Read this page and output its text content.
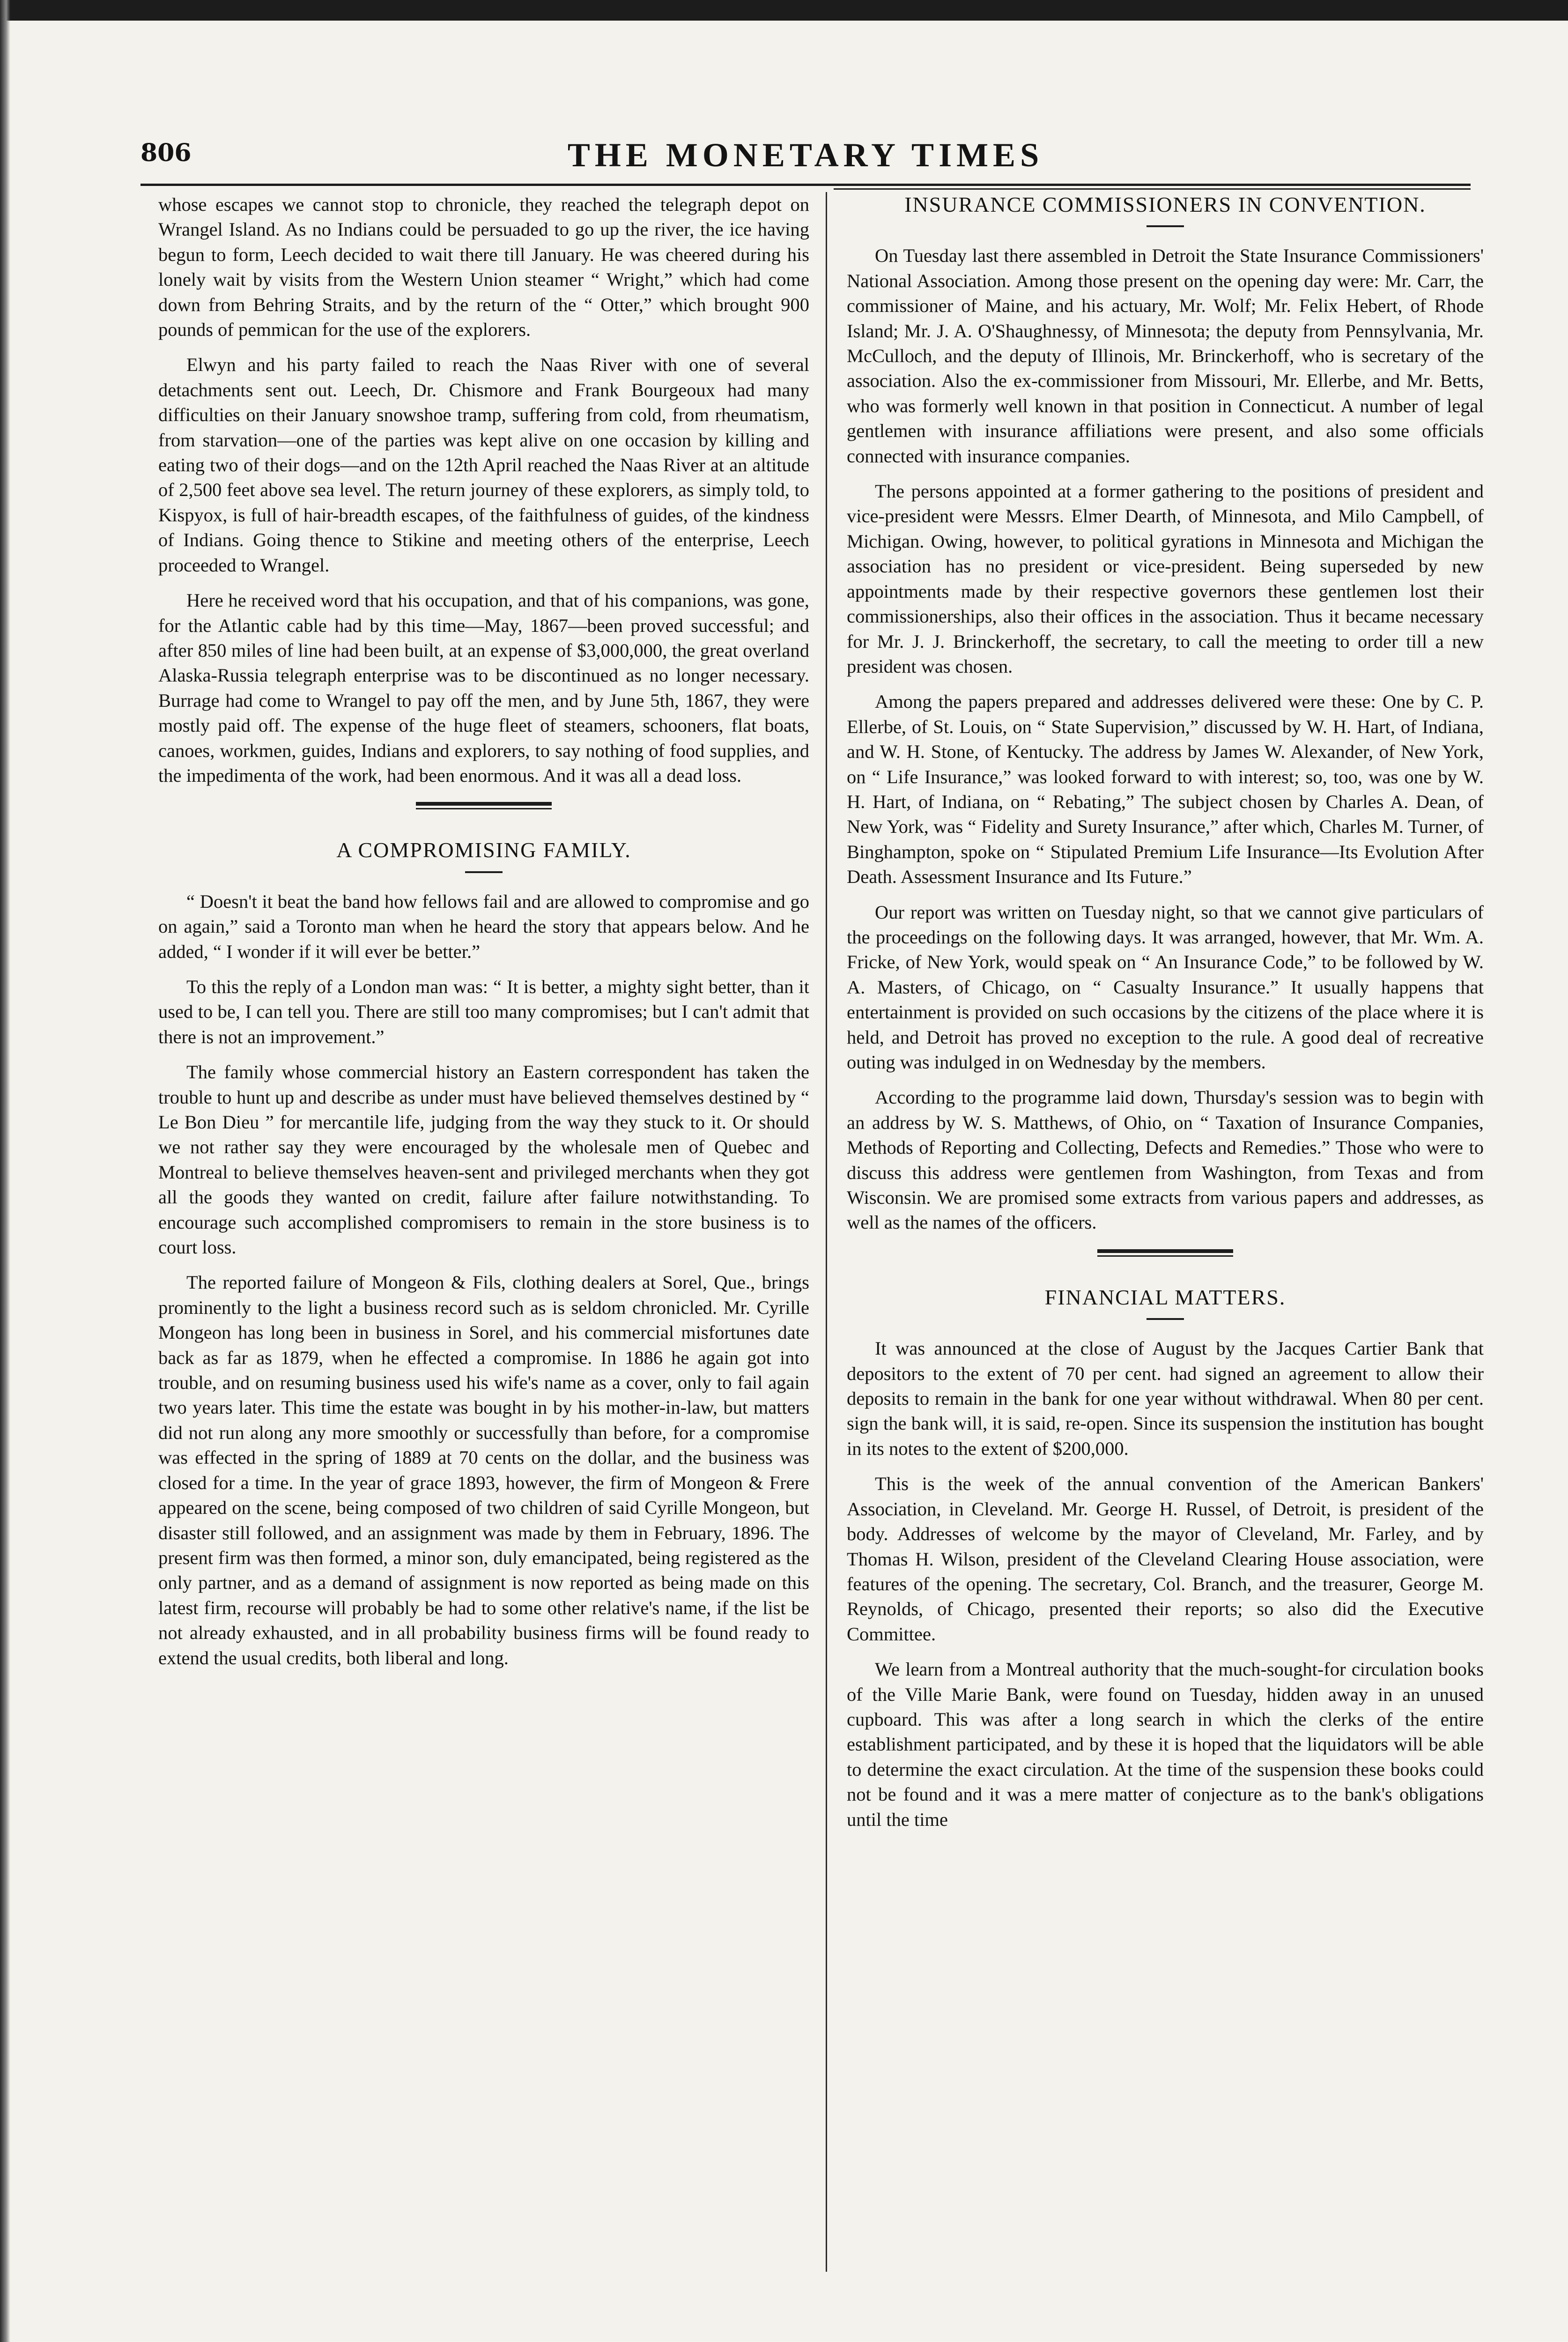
THE MONETARY TIMES
806

whose escapes we cannot stop to chronicle, they reached the telegraph depot on Wrangel Island. As no Indians could be persuaded to go up the river, the ice having begun to form, Leech decided to wait there till January. He was cheered during his lonely wait by visits from the Western Union steamer “ Wright,” which had come down from Behring Straits, and by the return of the “ Otter,” which brought 900 pounds of pemmican for the use of the explorers.

Elwyn and his party failed to reach the Naas River with one of several detachments sent out. Leech, Dr. Chismore and Frank Bourgeoux had many difficulties on their January snowshoe tramp, suffering from cold, from rheumatism, from starvation—one of the parties was kept alive on one occasion by killing and eating two of their dogs—and on the 12th April reached the Naas River at an altitude of 2,500 feet above sea level. The return journey of these explorers, as simply told, to Kispyox, is full of hair-breadth escapes, of the faithfulness of guides, of the kindness of Indians. Going thence to Stikine and meeting others of the enterprise, Leech proceeded to Wrangel.

Here he received word that his occupation, and that of his companions, was gone, for the Atlantic cable had by this time—May, 1867—been proved successful; and after 850 miles of line had been built, at an expense of $3,000,000, the great overland Alaska-Russia telegraph enterprise was to be discontinued as no longer necessary. Burrage had come to Wrangel to pay off the men, and by June 5th, 1867, they were mostly paid off. The expense of the huge fleet of steamers, schooners, flat boats, canoes, workmen, guides, Indians and explorers, to say nothing of food supplies, and the impedimenta of the work, had been enormous. And it was all a dead loss.

A COMPROMISING FAMILY.

“ Doesn't it beat the band how fellows fail and are allowed to compromise and go on again,” said a Toronto man when he heard the story that appears below. And he added, “ I wonder if it will ever be better.”

To this the reply of a London man was: “ It is better, a mighty sight better, than it used to be, I can tell you. There are still too many compromises; but I can't admit that there is not an improvement.”

The family whose commercial history an Eastern correspondent has taken the trouble to hunt up and describe as under must have believed themselves destined by “ Le Bon Dieu ” for mercantile life, judging from the way they stuck to it. Or should we not rather say they were encouraged by the wholesale men of Quebec and Montreal to believe themselves heaven-sent and privileged merchants when they got all the goods they wanted on credit, failure after failure notwithstanding. To encourage such accomplished compromisers to remain in the store business is to court loss.

The reported failure of Mongeon & Fils, clothing dealers at Sorel, Que., brings prominently to the light a business record such as is seldom chronicled. Mr. Cyrille Mongeon has long been in business in Sorel, and his commercial misfortunes date back as far as 1879, when he effected a compromise. In 1886 he again got into trouble, and on resuming business used his wife's name as a cover, only to fail again two years later. This time the estate was bought in by his mother-in-law, but matters did not run along any more smoothly or successfully than before, for a compromise was effected in the spring of 1889 at 70 cents on the dollar, and the business was closed for a time. In the year of grace 1893, however, the firm of Mongeon & Frere appeared on the scene, being composed of two children of said Cyrille Mongeon, but disaster still followed, and an assignment was made by them in February, 1896. The present firm was then formed, a minor son, duly emancipated, being registered as the only partner, and as a demand of assignment is now reported as being made on this latest firm, recourse will probably be had to some other relative's name, if the list be not already exhausted, and in all probability business firms will be found ready to extend the usual credits, both liberal and long.

INSURANCE COMMISSIONERS IN CONVENTION.

On Tuesday last there assembled in Detroit the State Insurance Commissioners' National Association. Among those present on the opening day were: Mr. Carr, the commissioner of Maine, and his actuary, Mr. Wolf; Mr. Felix Hebert, of Rhode Island; Mr. J. A. O'Shaughnessy, of Minnesota; the deputy from Pennsylvania, Mr. McCulloch, and the deputy of Illinois, Mr. Brinckerhoff, who is secretary of the association. Also the ex-commissioner from Missouri, Mr. Ellerbe, and Mr. Betts, who was formerly well known in that position in Connecticut. A number of legal gentlemen with insurance affiliations were present, and also some officials connected with insurance companies.

The persons appointed at a former gathering to the positions of president and vice-president were Messrs. Elmer Dearth, of Minnesota, and Milo Campbell, of Michigan. Owing, however, to political gyrations in Minnesota and Michigan the association has no president or vice-president. Being superseded by new appointments made by their respective governors these gentlemen lost their commissionerships, also their offices in the association. Thus it became necessary for Mr. J. J. Brinckerhoff, the secretary, to call the meeting to order till a new president was chosen.

Among the papers prepared and addresses delivered were these: One by C. P. Ellerbe, of St. Louis, on “ State Supervision,” discussed by W. H. Hart, of Indiana, and W. H. Stone, of Kentucky. The address by James W. Alexander, of New York, on “ Life Insurance,” was looked forward to with interest; so, too, was one by W. H. Hart, of Indiana, on “ Rebating,” The subject chosen by Charles A. Dean, of New York, was “ Fidelity and Surety Insurance,” after which, Charles M. Turner, of Binghampton, spoke on “ Stipulated Premium Life Insurance—Its Evolution After Death. Assessment Insurance and Its Future.”

Our report was written on Tuesday night, so that we cannot give particulars of the proceedings on the following days. It was arranged, however, that Mr. Wm. A. Fricke, of New York, would speak on “ An Insurance Code,” to be followed by W. A. Masters, of Chicago, on “ Casualty Insurance.” It usually happens that entertainment is provided on such occasions by the citizens of the place where it is held, and Detroit has proved no exception to the rule. A good deal of recreative outing was indulged in on Wednesday by the members.

According to the programme laid down, Thursday's session was to begin with an address by W. S. Matthews, of Ohio, on “ Taxation of Insurance Companies, Methods of Reporting and Collecting, Defects and Remedies.” Those who were to discuss this address were gentlemen from Washington, from Texas and from Wisconsin. We are promised some extracts from various papers and addresses, as well as the names of the officers.

FINANCIAL MATTERS.

It was announced at the close of August by the Jacques Cartier Bank that depositors to the extent of 70 per cent. had signed an agreement to allow their deposits to remain in the bank for one year without withdrawal. When 80 per cent. sign the bank will, it is said, re-open. Since its suspension the institution has bought in its notes to the extent of $200,000.

This is the week of the annual convention of the American Bankers' Association, in Cleveland. Mr. George H. Russel, of Detroit, is president of the body. Addresses of welcome by the mayor of Cleveland, Mr. Farley, and by Thomas H. Wilson, president of the Cleveland Clearing House association, were features of the opening. The secretary, Col. Branch, and the treasurer, George M. Reynolds, of Chicago, presented their reports; so also did the Executive Committee.

We learn from a Montreal authority that the much-sought-for circulation books of the Ville Marie Bank, were found on Tuesday, hidden away in an unused cupboard. This was after a long search in which the clerks of the entire establishment participated, and by these it is hoped that the liquidators will be able to determine the exact circulation. At the time of the suspension these books could not be found and it was a mere matter of conjecture as to the bank's obligations until the time
